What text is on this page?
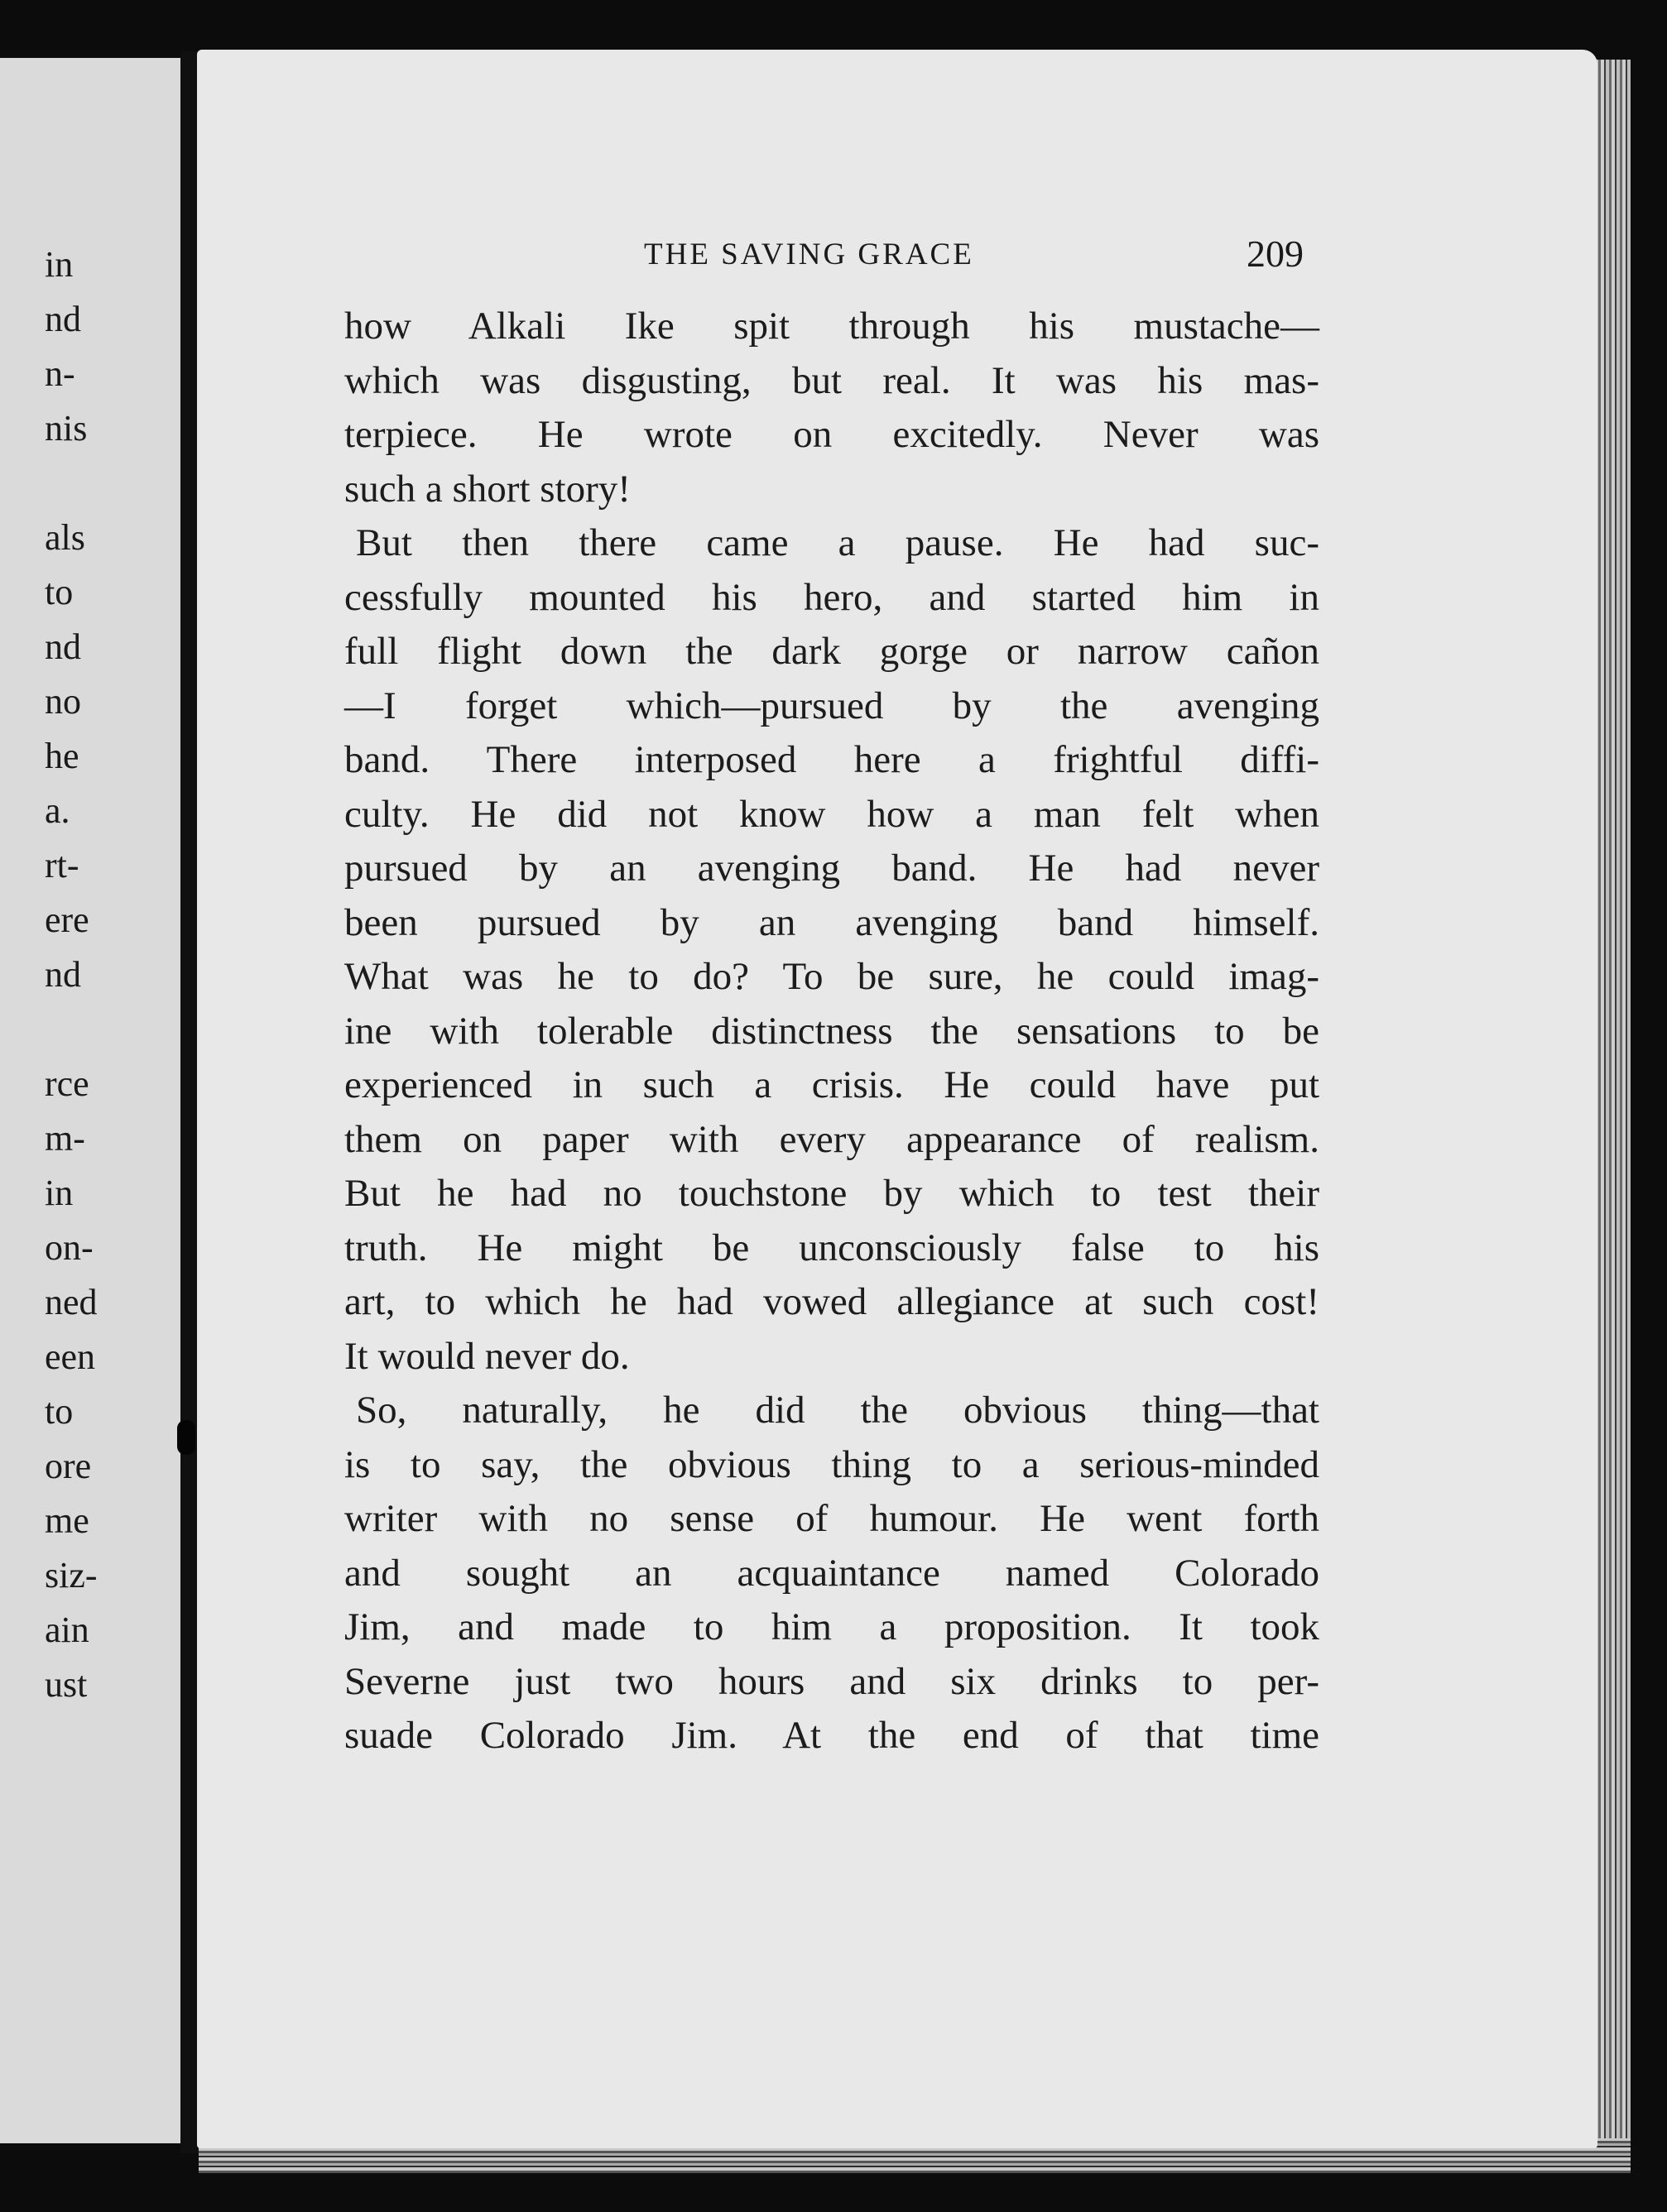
in
nd
n-
nis
als
to
nd
no
he
a.
rt-
ere
nd
rce
m-
in
on-
ned
een
to
ore
me
siz-
ain
ust
THE SAVING GRACE	209
how Alkali Ike spit through his mustache—
which was disgusting, but real. It was his mas-
terpiece. He wrote on excitedly. Never was
such a short story!
But then there came a pause. He had suc-
cessfully mounted his hero, and started him in
full flight down the dark gorge or narrow cañon
—I forget which—pursued by the avenging
band. There interposed here a frightful diffi-
culty. He did not know how a man felt when
pursued by an avenging band. He had never
been pursued by an avenging band himself.
What was he to do? To be sure, he could imag-
ine with tolerable distinctness the sensations to be
experienced in such a crisis. He could have put
them on paper with every appearance of realism.
But he had no touchstone by which to test their
truth. He might be unconsciously false to his
art, to which he had vowed allegiance at such cost!
It would never do.
So, naturally, he did the obvious thing—that
is to say, the obvious thing to a serious-minded
writer with no sense of humour. He went forth
and sought an acquaintance named Colorado
Jim, and made to him a proposition. It took
Severne just two hours and six drinks to per-
suade Colorado Jim. At the end of that time
